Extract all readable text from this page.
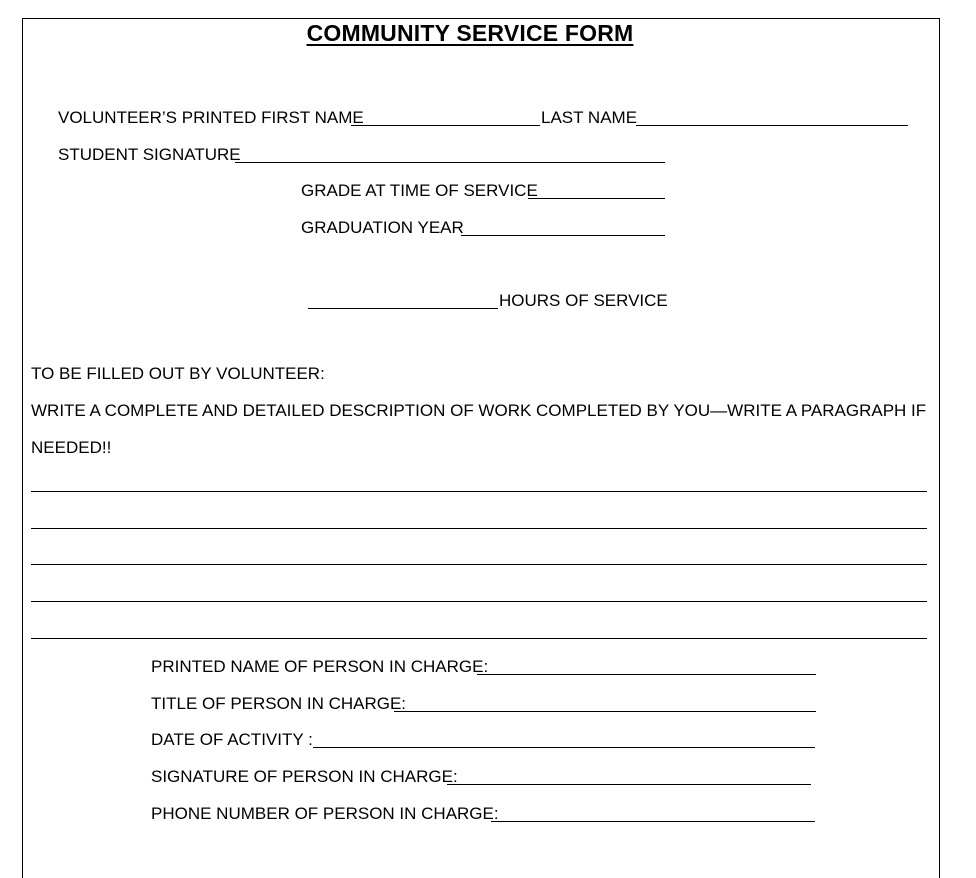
COMMUNITY SERVICE FORM
VOLUNTEER’S PRINTED FIRST NAME	LAST NAME
STUDENT SIGNATURE
GRADE AT TIME OF SERVICE
GRADUATION YEAR
HOURS OF SERVICE
TO BE FILLED OUT BY VOLUNTEER:
WRITE A COMPLETE AND DETAILED DESCRIPTION OF WORK COMPLETED BY YOU—WRITE A PARAGRAPH IF
NEEDED!!
PRINTED NAME OF PERSON IN CHARGE:
TITLE OF PERSON IN CHARGE:
DATE OF ACTIVITY :
SIGNATURE OF PERSON IN CHARGE:
PHONE NUMBER OF PERSON IN CHARGE:
